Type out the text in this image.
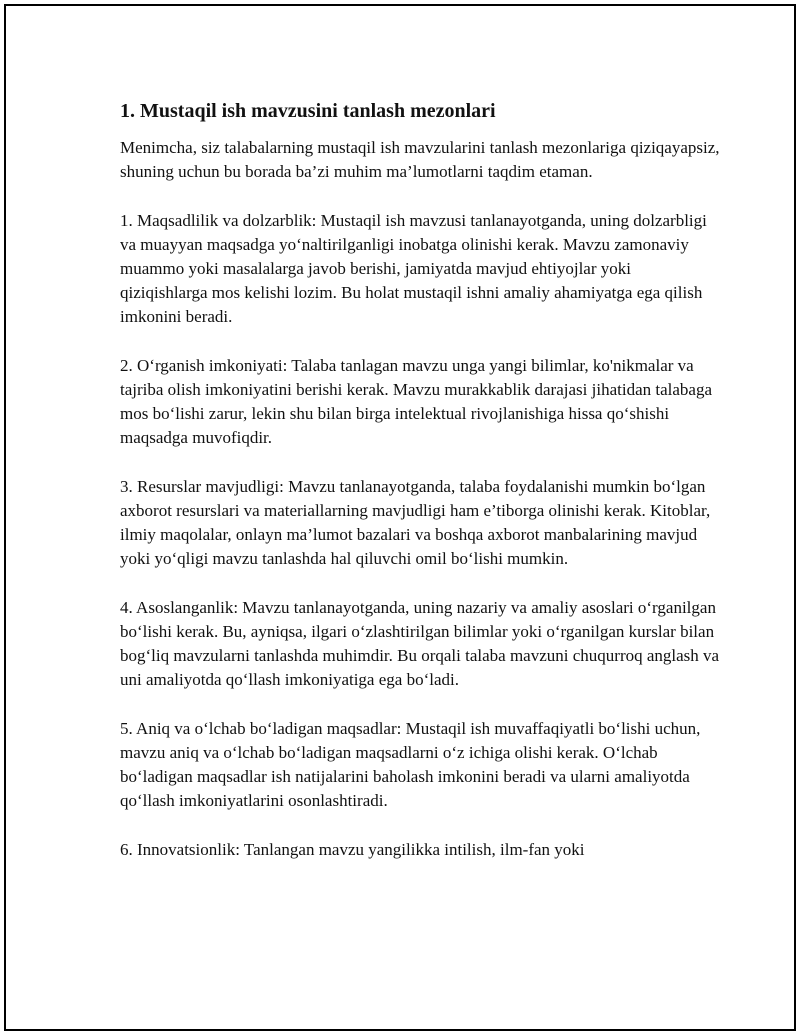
1. Mustaqil ish mavzusini tanlash mezonlari

Menimcha, siz talabalarning mustaqil ish mavzularini tanlash mezonlariga qiziqayapsiz, shuning uchun bu borada ba’zi muhim ma’lumotlarni taqdim etaman.

1. Maqsadlilik va dolzarblik: Mustaqil ish mavzusi tanlanayotganda, uning dolzarbligi va muayyan maqsadga yo‘naltirilganligi inobatga olinishi kerak. Mavzu zamonaviy muammo yoki masalalarga javob berishi, jamiyatda mavjud ehtiyojlar yoki qiziqishlarga mos kelishi lozim. Bu holat mustaqil ishni amaliy ahamiyatga ega qilish imkonini beradi.

2. O‘rganish imkoniyati: Talaba tanlagan mavzu unga yangi bilimlar, ko'nikmalar va tajriba olish imkoniyatini berishi kerak. Mavzu murakkablik darajasi jihatidan talabaga mos bo‘lishi zarur, lekin shu bilan birga intelektual rivojlanishiga hissa qo‘shishi maqsadga muvofiqdir.

3. Resurslar mavjudligi: Mavzu tanlanayotganda, talaba foydalanishi mumkin bo‘lgan axborot resurslari va materiallarning mavjudligi ham e’tiborga olinishi kerak. Kitoblar, ilmiy maqolalar, onlayn ma’lumot bazalari va boshqa axborot manbalarining mavjud yoki yo‘qligi mavzu tanlashda hal qiluvchi omil bo‘lishi mumkin.

4. Asoslanganlik: Mavzu tanlanayotganda, uning nazariy va amaliy asoslari o‘rganilgan bo‘lishi kerak. Bu, ayniqsa, ilgari o‘zlashtirilgan bilimlar yoki o‘rganilgan kurslar bilan bog‘liq mavzularni tanlashda muhimdir. Bu orqali talaba mavzuni chuqurroq anglash va uni amaliyotda qo‘llash imkoniyatiga ega bo‘ladi.

5. Aniq va o‘lchab bo‘ladigan maqsadlar: Mustaqil ish muvaffaqiyatli bo‘lishi uchun, mavzu aniq va o‘lchab bo‘ladigan maqsadlarni o‘z ichiga olishi kerak. O‘lchab bo‘ladigan maqsadlar ish natijalarini baholash imkonini beradi va ularni amaliyotda qo‘llash imkoniyatlarini osonlashtiradi.

6. Innovatsionlik: Tanlangan mavzu yangilikka intilish, ilm-fan yoki
